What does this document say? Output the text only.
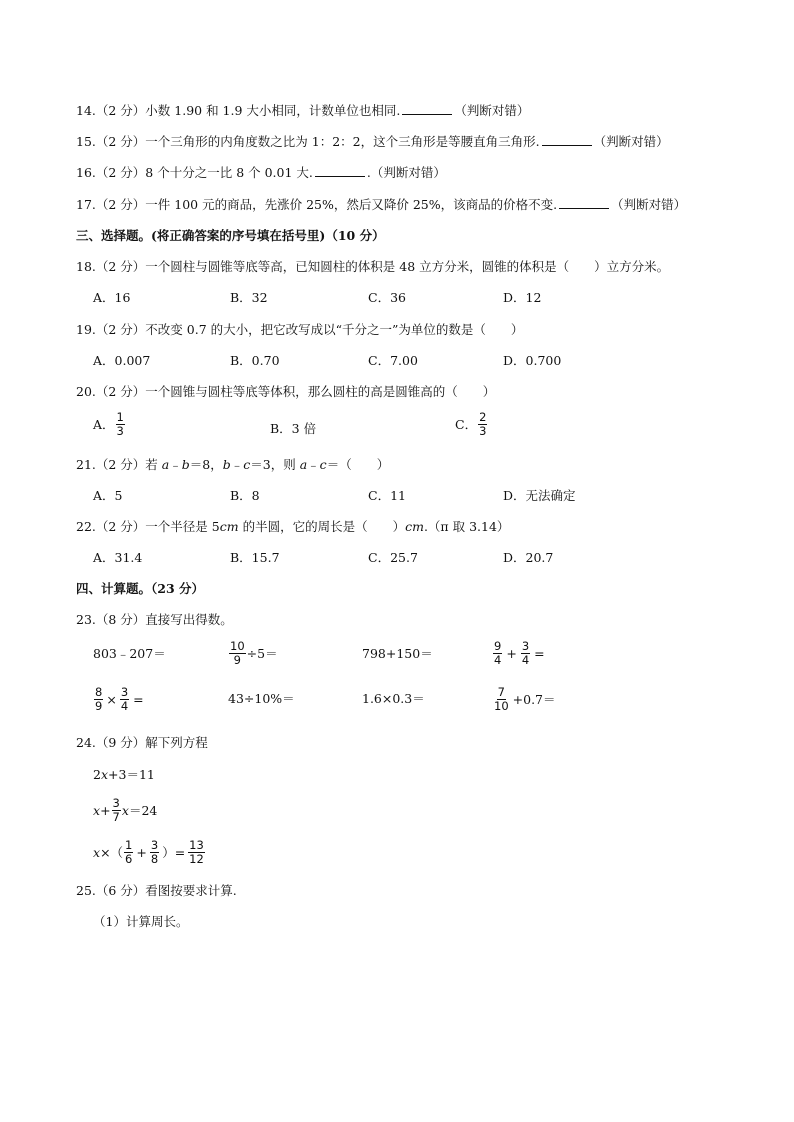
14.（2 分）小数 1.90 和 1.9 大小相同，计数单位也相同.	（判断对错）
15.（2 分）一个三角形的内角度数之比为 1：2：2，这个三角形是等腰直角三角形.	（判断对错）
16.（2 分）8 个十分之一比 8 个 0.01 大.	.（判断对错）
17.（2 分）一件 100 元的商品，先涨价 25%，然后又降价 25%，该商品的价格不变.	（判断对错）
三、选择题。(将正确答案的序号填在括号里)（10 分）
18.（2 分）一个圆柱与圆锥等底等高，已知圆柱的体积是 48 立方分米，圆锥的体积是（　　）立方分米。
A．16	B．32	C．36	D．12
19.（2 分）不改变 0.7 的大小，把它改写成以“千分之一”为单位的数是（　　）
A．0.007	B．0.70	C．7.00	D．0.700
20.（2 分）一个圆锥与圆柱等底等体积，那么圆柱的高是圆锥高的（　　）
A． $\frac{1}{3}$	B．3 倍	C． $\frac{2}{3}$
21.（2 分）若 a﹣b＝8，b﹣c＝3，则 a﹣c＝（　　）
A．5	B．8	C．11	D．无法确定
22.（2 分）一个半径是 5cm 的半圆，它的周长是（　　）cm.（π 取 3.14）
A．31.4	B．15.7	C．25.7	D．20.7
四、计算题。（23 分）
23.（8 分）直接写出得数。
803﹣207＝	$\frac{10}{9} \div 5=$	798+150＝	$\frac{9}{4} + \frac{3}{4}$ =
$\frac{8}{9} \times \frac{3}{4}$ =	43÷10%＝	1.6×0.3＝	$\frac{7}{10} +0.7=$
24.（9 分）解下列方程
2x+3＝11
$x + \frac{3}{7}$ x ＝24
x ×（ $\frac{1}{6} + \frac{3}{8}$ ）= $\frac{13}{12}$
25.（6 分）看图按要求计算.
（1）计算周长。
